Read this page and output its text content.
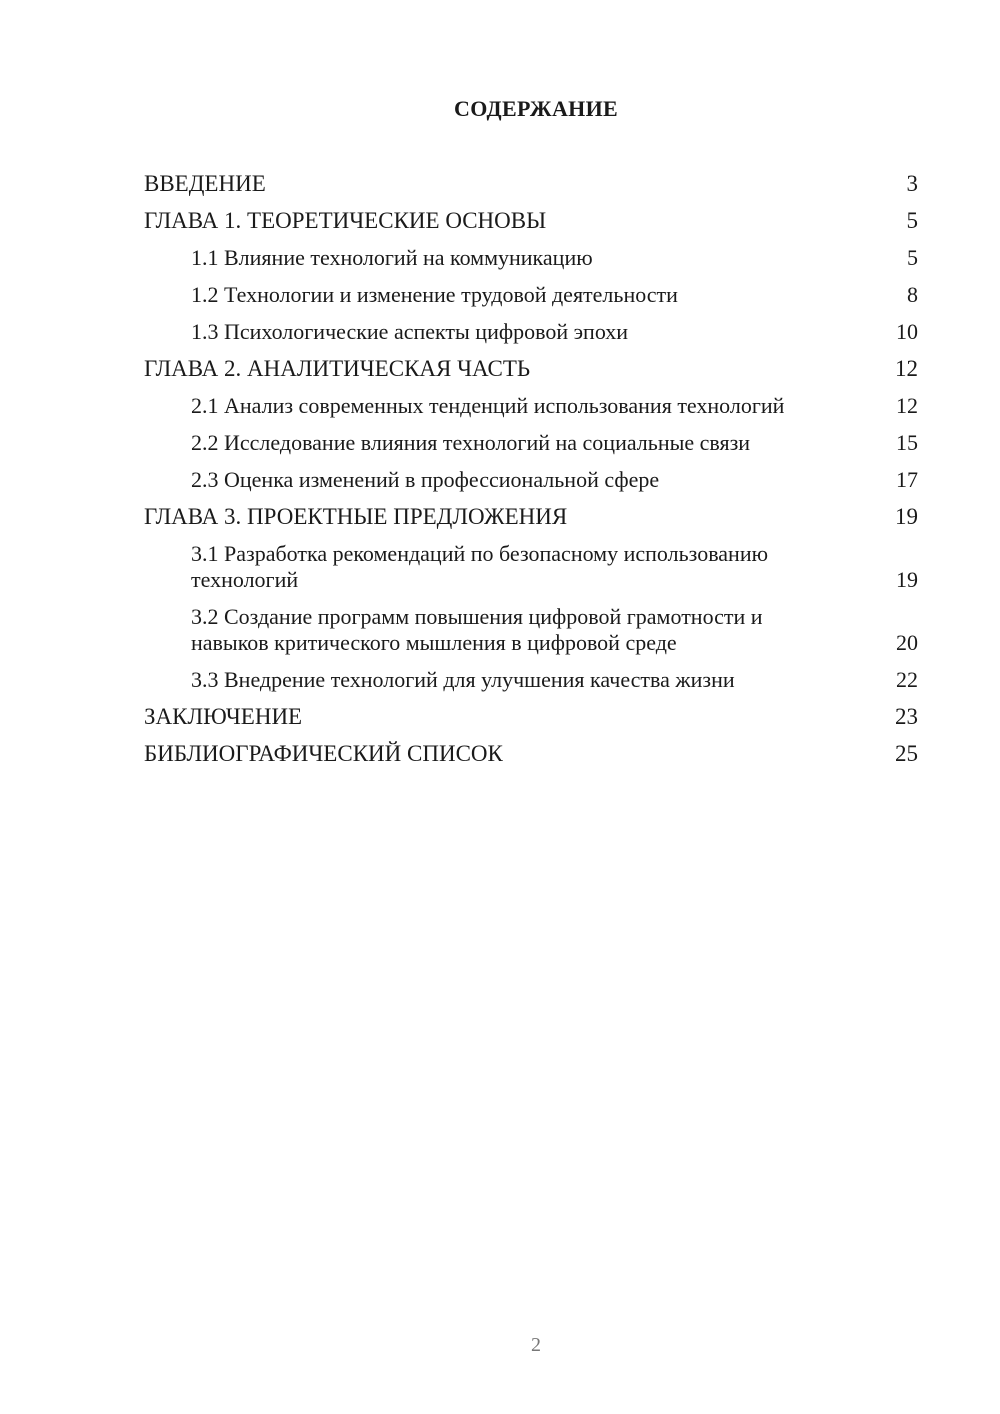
СОДЕРЖАНИЕ
ВВЕДЕНИЕ	3
ГЛАВА 1. ТЕОРЕТИЧЕСКИЕ ОСНОВЫ	5
1.1 Влияние технологий на коммуникацию	5
1.2 Технологии и изменение трудовой деятельности	8
1.3 Психологические аспекты цифровой эпохи	10
ГЛАВА 2. АНАЛИТИЧЕСКАЯ ЧАСТЬ	12
2.1 Анализ современных тенденций использования технологий	12
2.2 Исследование влияния технологий на социальные связи	15
2.3 Оценка изменений в профессиональной сфере	17
ГЛАВА 3. ПРОЕКТНЫЕ ПРЕДЛОЖЕНИЯ	19
3.1 Разработка рекомендаций по безопасному использованию технологий	19
3.2 Создание программ повышения цифровой грамотности и навыков критического мышления в цифровой среде	20
3.3 Внедрение технологий для улучшения качества жизни	22
ЗАКЛЮЧЕНИЕ	23
БИБЛИОГРАФИЧЕСКИЙ СПИСОК	25
2
